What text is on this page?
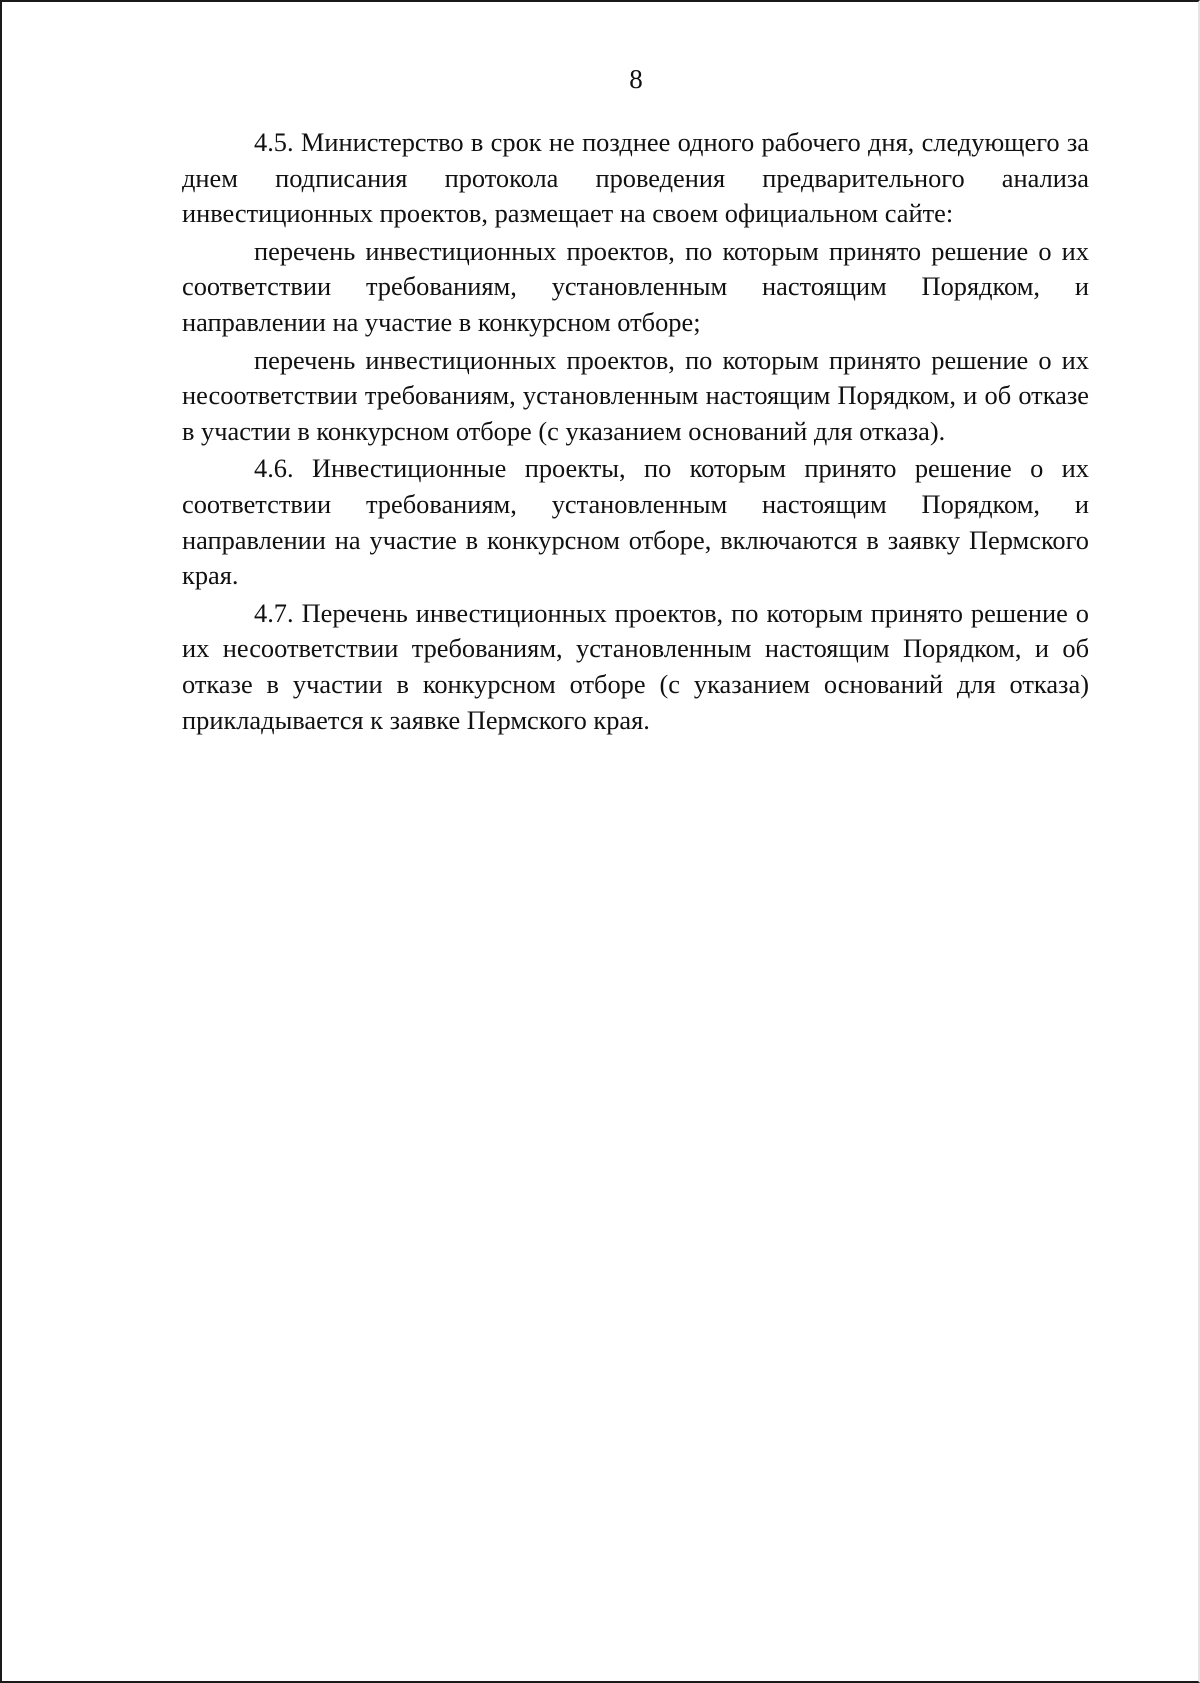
8

4.5. Министерство в срок не позднее одного рабочего дня, следующего за днем подписания протокола проведения предварительного анализа инвестиционных проектов, размещает на своем официальном сайте:

перечень инвестиционных проектов, по которым принято решение о их соответствии требованиям, установленным настоящим Порядком, и направлении на участие в конкурсном отборе;

перечень инвестиционных проектов, по которым принято решение о их несоответствии требованиям, установленным настоящим Порядком, и об отказе в участии в конкурсном отборе (с указанием оснований для отказа).

4.6. Инвестиционные проекты, по которым принято решение о их соответствии требованиям, установленным настоящим Порядком, и направлении на участие в конкурсном отборе, включаются в заявку Пермского края.

4.7. Перечень инвестиционных проектов, по которым принято решение о их несоответствии требованиям, установленным настоящим Порядком, и об отказе в участии в конкурсном отборе (с указанием оснований для отказа) прикладывается к заявке Пермского края.
